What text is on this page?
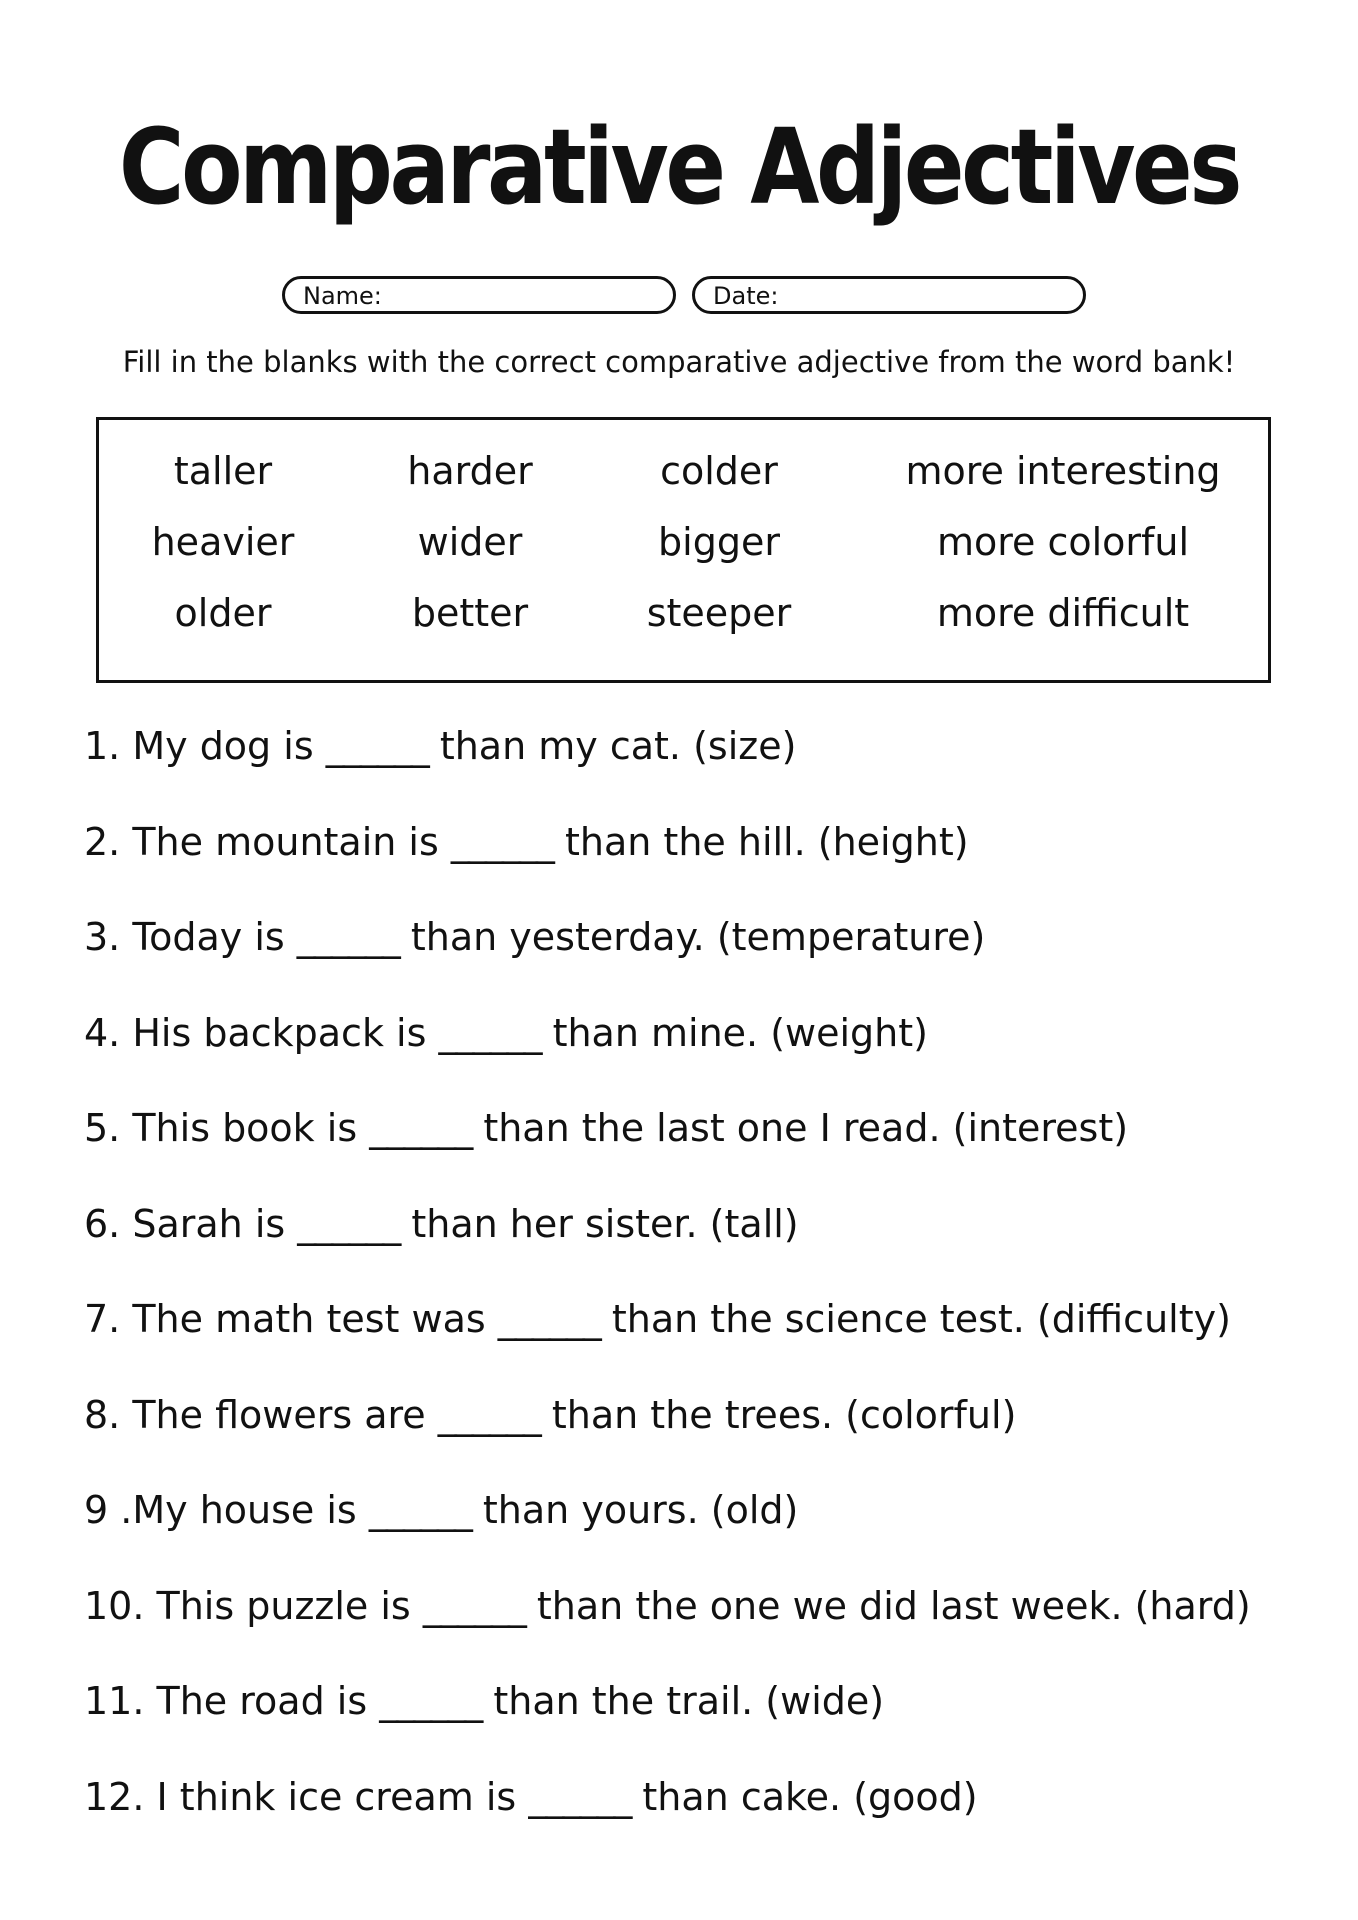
Comparative Adjectives
Name:	Date:

Fill in the blanks with the correct comparative adjective from the word bank!

taller	harder	colder	more interesting
heavier	wider	bigger	more colorful
older	better	steeper	more difficult
1. My dog is ______ than my cat. (size)
2. The mountain is ______ than the hill. (height)
3. Today is ______ than yesterday. (temperature)
4. His backpack is ______ than mine. (weight)
5. This book is ______ than the last one I read. (interest)
6. Sarah is ______ than her sister. (tall)
7. The math test was ______ than the science test. (difficulty)
8. The flowers are ______ than the trees. (colorful)
9 .My house is ______ than yours. (old)
10. This puzzle is ______ than the one we did last week. (hard)
11. The road is ______ than the trail. (wide)
12. I think ice cream is ______ than cake. (good)
